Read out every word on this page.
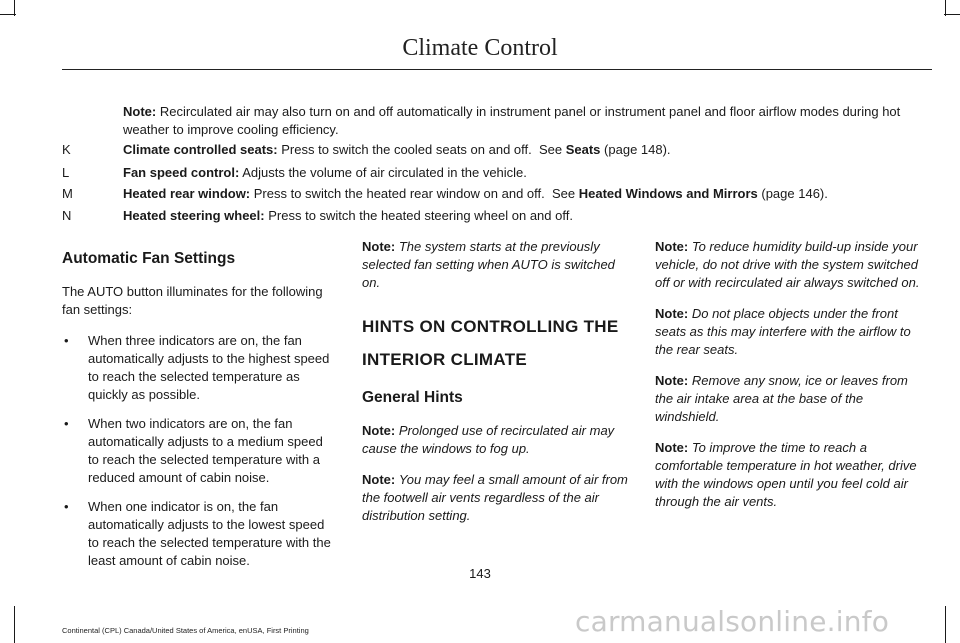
Climate Control
Note: Recirculated air may also turn on and off automatically in instrument panel or instrument panel and floor airflow modes during hot weather to improve cooling efficiency.
K	Climate controlled seats: Press to switch the cooled seats on and off.  See Seats (page 148).
L	Fan speed control: Adjusts the volume of air circulated in the vehicle.
M	Heated rear window: Press to switch the heated rear window on and off.  See Heated Windows and Mirrors (page 146).
N	Heated steering wheel: Press to switch the heated steering wheel on and off.
Automatic Fan Settings

The AUTO button illuminates for the following fan settings:

• When three indicators are on, the fan automatically adjusts to the highest speed to reach the selected temperature as quickly as possible.
• When two indicators are on, the fan automatically adjusts to a medium speed to reach the selected temperature with a reduced amount of cabin noise.
• When one indicator is on, the fan automatically adjusts to the lowest speed to reach the selected temperature with the least amount of cabin noise.

Note: The system starts at the previously selected fan setting when AUTO is switched on.

HINTS ON CONTROLLING THE
INTERIOR CLIMATE
General Hints

Note: Prolonged use of recirculated air may cause the windows to fog up.

Note: You may feel a small amount of air from the footwell air vents regardless of the air distribution setting.

Note: To reduce humidity build-up inside your vehicle, do not drive with the system switched off or with recirculated air always switched on.

Note: Do not place objects under the front seats as this may interfere with the airflow to the rear seats.

Note: Remove any snow, ice or leaves from the air intake area at the base of the windshield.

Note: To improve the time to reach a comfortable temperature in hot weather, drive with the windows open until you feel cold air through the air vents.

143
Continental (CPL) Canada/United States of America, enUSA, First Printing	carmanualsonline.info
